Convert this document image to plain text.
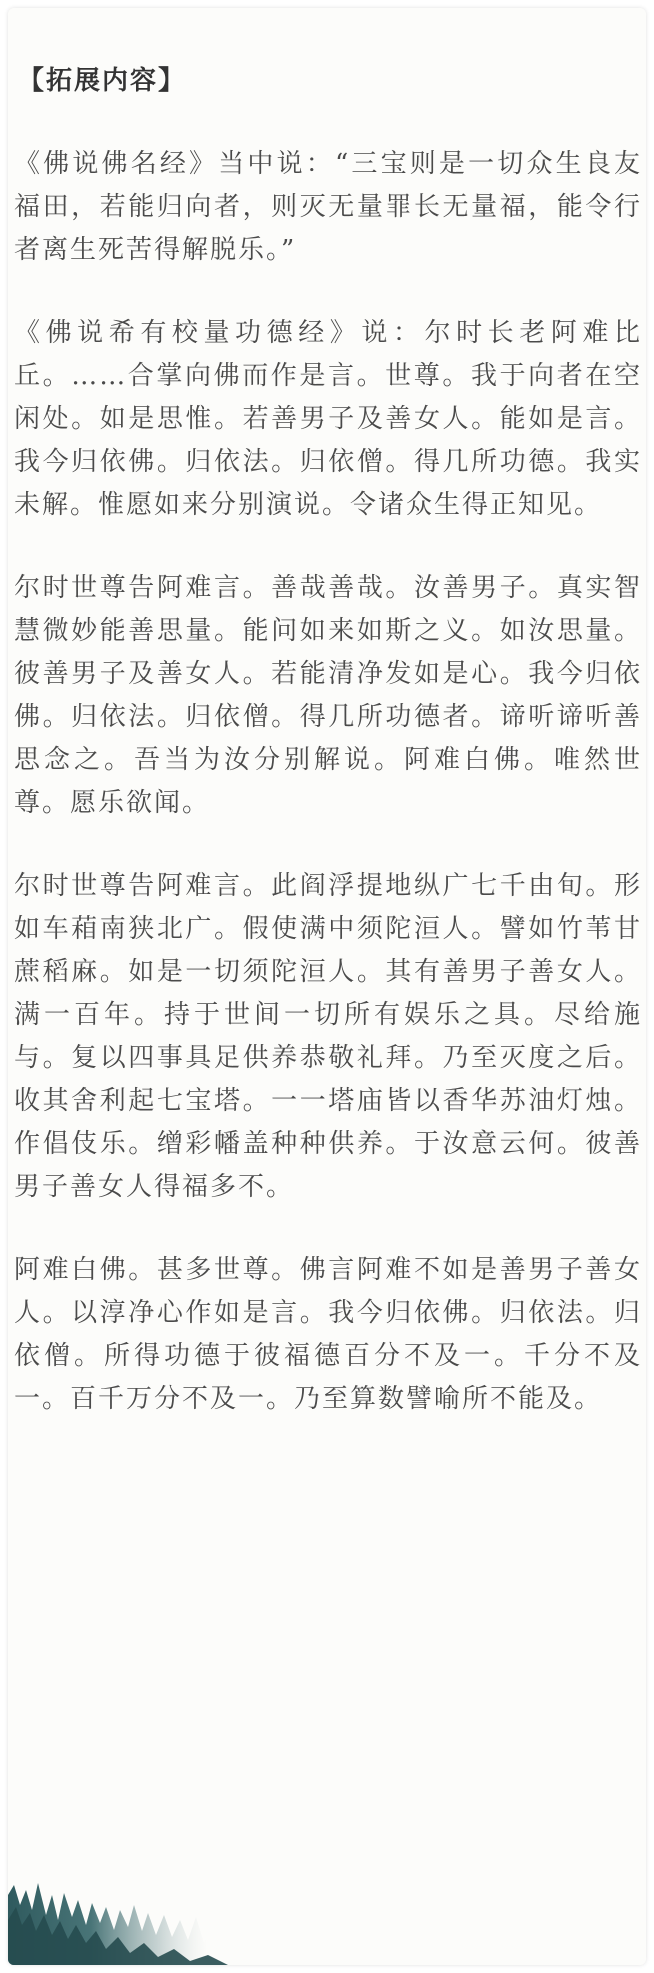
【拓展内容】

《佛说佛名经》当中说：“三宝则是一切众生良友福田，若能归向者，则灭无量罪长无量福，能令行者离生死苦得解脱乐。”

《佛说希有校量功德经》说：尔时长老阿难比丘。……合掌向佛而作是言。世尊。我于向者在空闲处。如是思惟。若善男子及善女人。能如是言。我今归依佛。归依法。归依僧。得几所功德。我实未解。惟愿如来分别演说。令诸众生得正知见。

尔时世尊告阿难言。善哉善哉。汝善男子。真实智慧微妙能善思量。能问如来如斯之义。如汝思量。彼善男子及善女人。若能清净发如是心。我今归依佛。归依法。归依僧。得几所功德者。谛听谛听善思念之。吾当为汝分别解说。阿难白佛。唯然世尊。愿乐欲闻。

尔时世尊告阿难言。此阎浮提地纵广七千由旬。形如车葙南狭北广。假使满中须陀洹人。譬如竹苇甘蔗稻麻。如是一切须陀洹人。其有善男子善女人。满一百年。持于世间一切所有娱乐之具。尽给施与。复以四事具足供养恭敬礼拜。乃至灭度之后。收其舍利起七宝塔。一一塔庙皆以香华苏油灯烛。作倡伎乐。缯彩幡盖种种供养。于汝意云何。彼善男子善女人得福多不。

阿难白佛。甚多世尊。佛言阿难不如是善男子善女人。以淳净心作如是言。我今归依佛。归依法。归依僧。所得功德于彼福德百分不及一。千分不及一。百千万分不及一。乃至算数譬喻所不能及。
